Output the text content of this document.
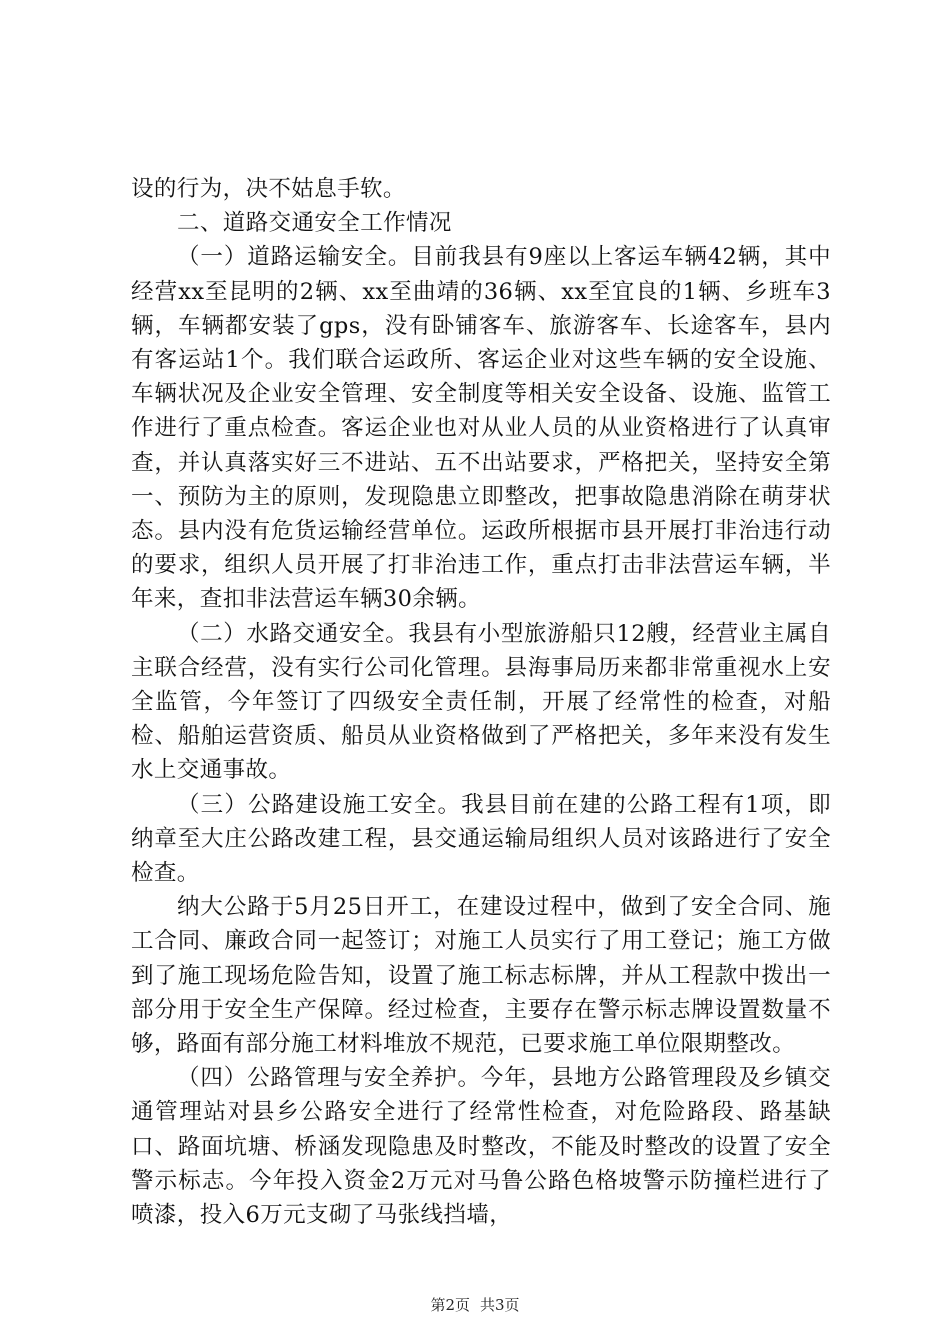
设的行为，决不姑息手软。

二、道路交通安全工作情况

（一）道路运输安全。目前我县有9座以上客运车辆42辆，其中经营xx至昆明的2辆、xx至曲靖的36辆、xx至宜良的1辆、乡班车3辆，车辆都安装了gps，没有卧铺客车、旅游客车、长途客车，县内有客运站1个。我们联合运政所、客运企业对这些车辆的安全设施、车辆状况及企业安全管理、安全制度等相关安全设备、设施、监管工作进行了重点检查。客运企业也对从业人员的从业资格进行了认真审查，并认真落实好三不进站、五不出站要求，严格把关，坚持安全第一、预防为主的原则，发现隐患立即整改，把事故隐患消除在萌芽状态。县内没有危货运输经营单位。运政所根据市县开展打非治违行动的要求，组织人员开展了打非治违工作，重点打击非法营运车辆，半年来，查扣非法营运车辆30余辆。

（二）水路交通安全。我县有小型旅游船只12艘，经营业主属自主联合经营，没有实行公司化管理。县海事局历来都非常重视水上安全监管，今年签订了四级安全责任制，开展了经常性的检查，对船检、船舶运营资质、船员从业资格做到了严格把关，多年来没有发生水上交通事故。

（三）公路建设施工安全。我县目前在建的公路工程有1项，即纳章至大庄公路改建工程，县交通运输局组织人员对该路进行了安全检查。

纳大公路于5月25日开工，在建设过程中，做到了安全合同、施工合同、廉政合同一起签订；对施工人员实行了用工登记；施工方做到了施工现场危险告知，设置了施工标志标牌，并从工程款中拨出一部分用于安全生产保障。经过检查，主要存在警示标志牌设置数量不够，路面有部分施工材料堆放不规范，已要求施工单位限期整改。

（四）公路管理与安全养护。今年，县地方公路管理段及乡镇交通管理站对县乡公路安全进行了经常性检查，对危险路段、路基缺口、路面坑塘、桥涵发现隐患及时整改，不能及时整改的设置了安全警示标志。今年投入资金2万元对马鲁公路色格坡警示防撞栏进行了喷漆，投入6万元支砌了马张线挡墙，

第2页 共3页
